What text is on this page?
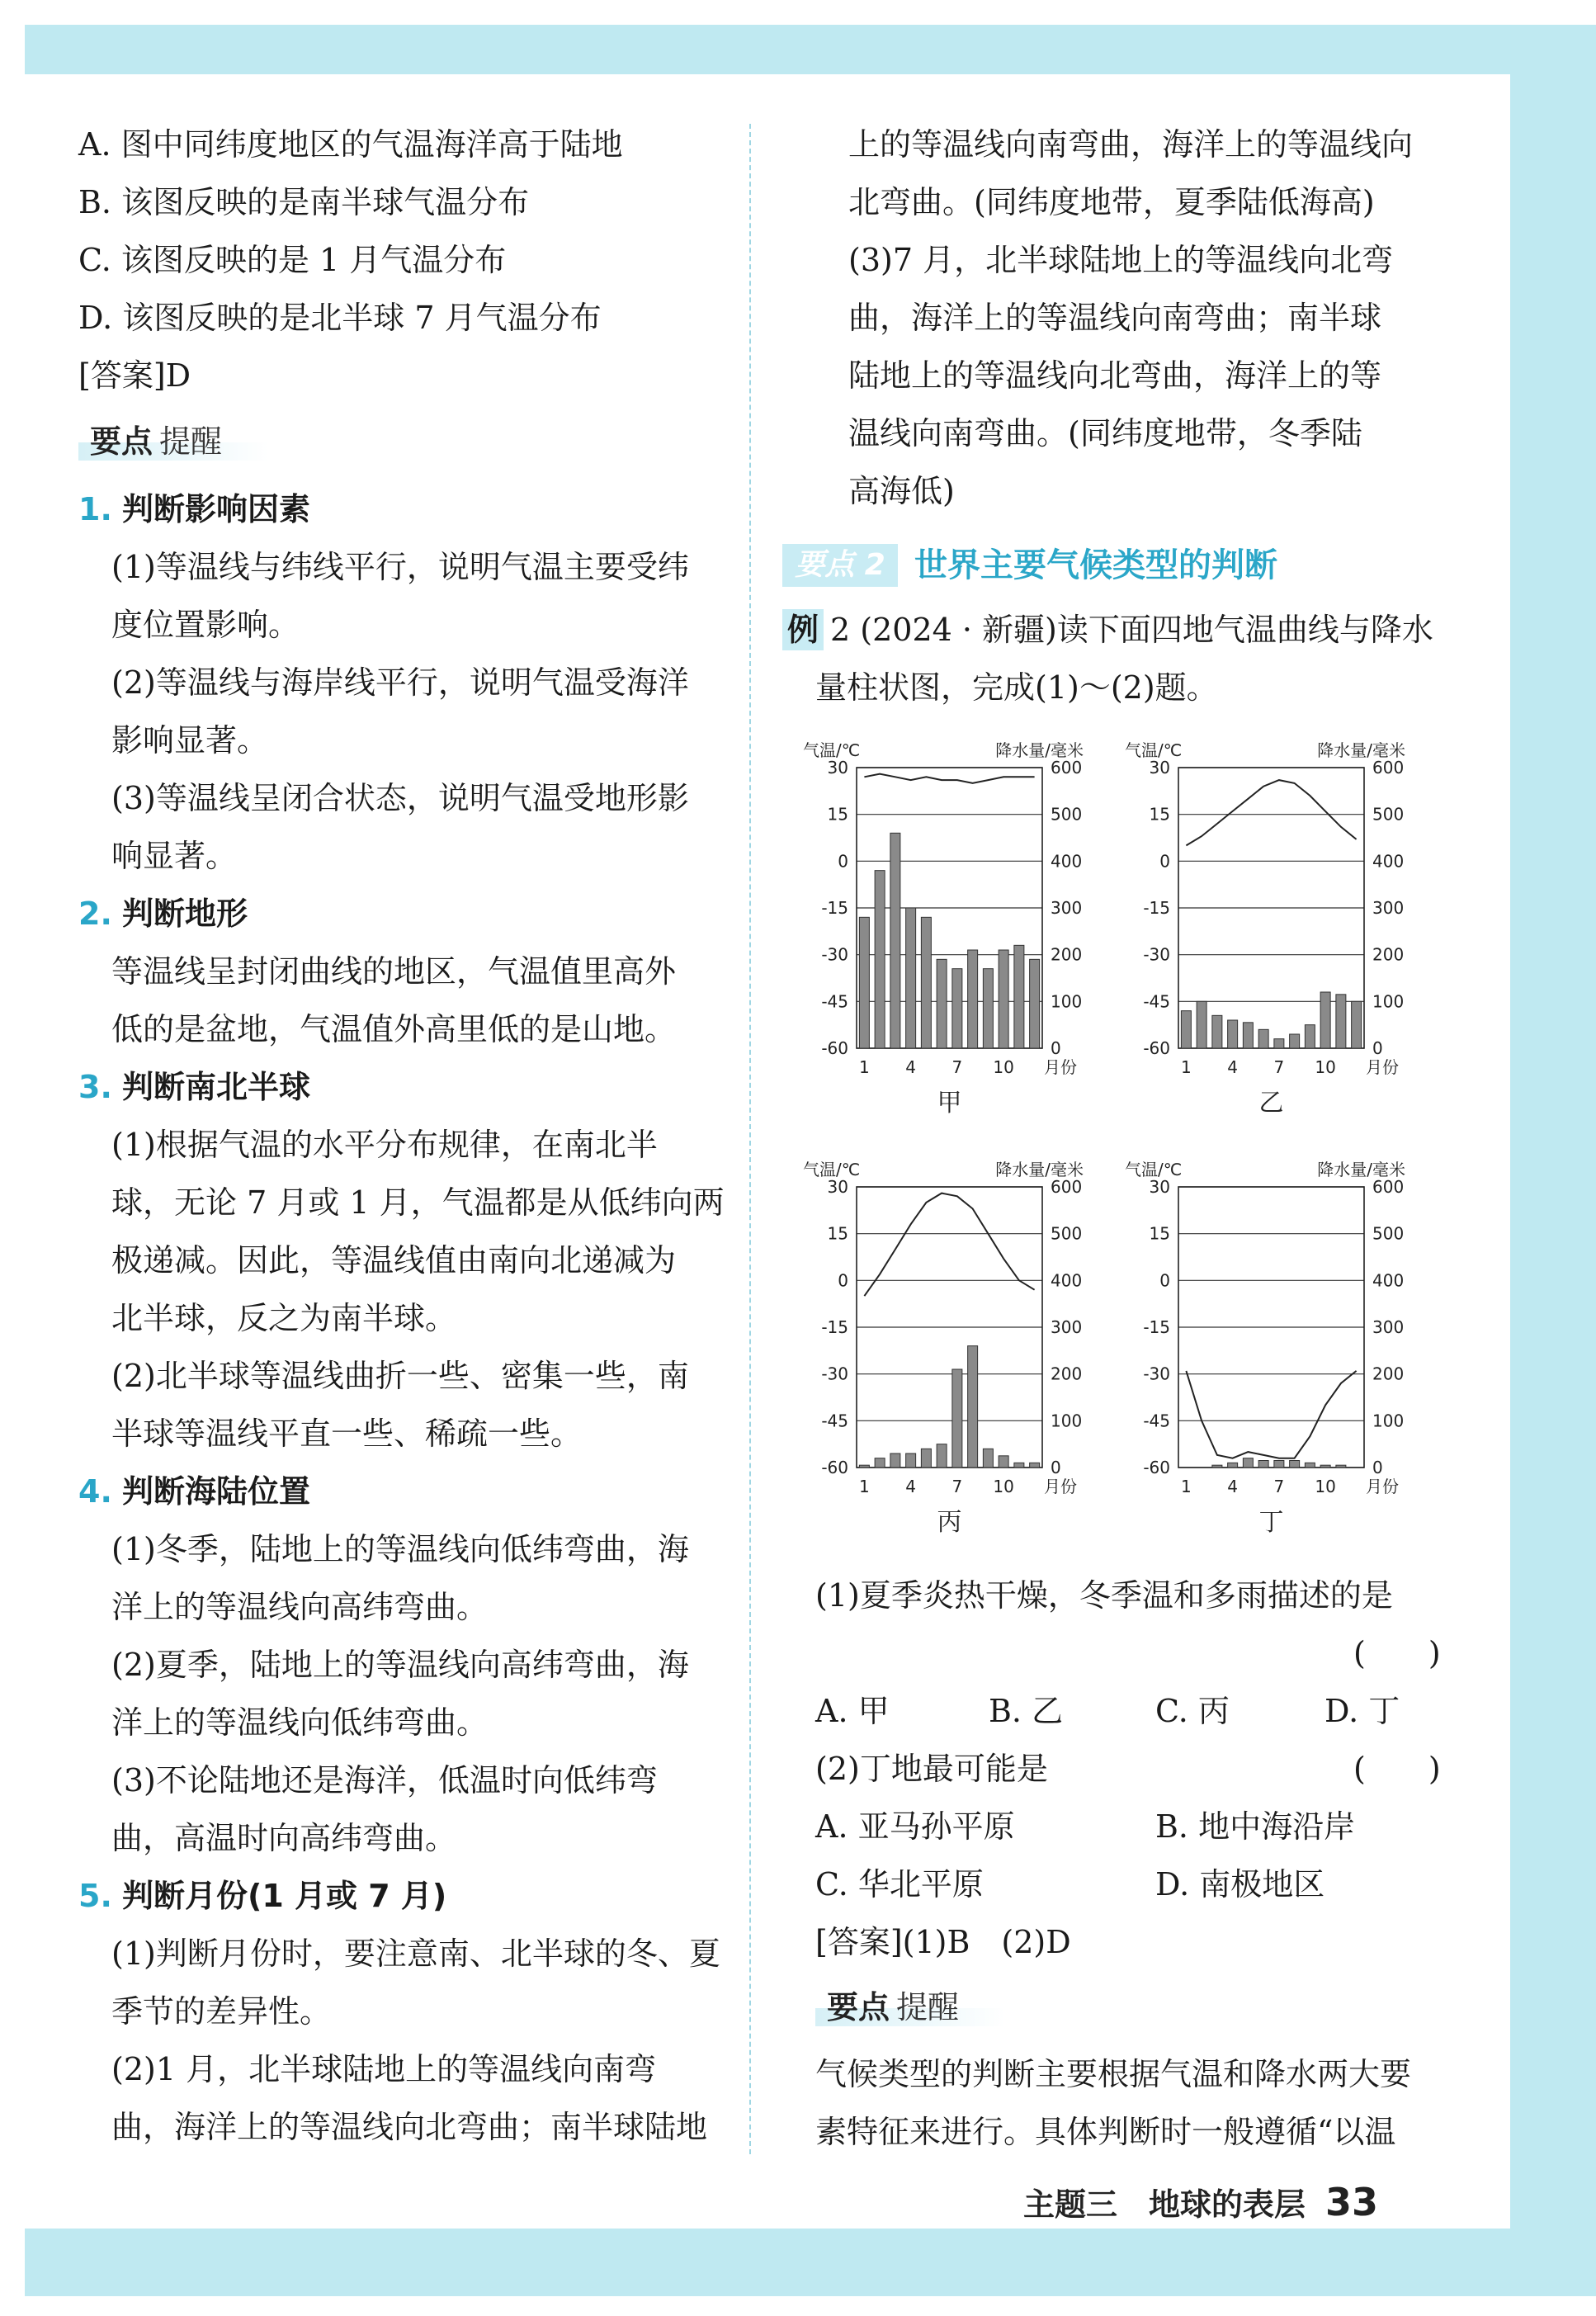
A. 图中同纬度地区的气温海洋高于陆地
B. 该图反映的是南半球气温分布
C. 该图反映的是 1 月气温分布
D. 该图反映的是北半球 7 月气温分布
[答案]D
要点 提醒
1. 判断影响因素
(1)等温线与纬线平行，说明气温主要受纬
度位置影响。
(2)等温线与海岸线平行，说明气温受海洋
影响显著。
(3)等温线呈闭合状态，说明气温受地形影
响显著。
2. 判断地形
等温线呈封闭曲线的地区，气温值里高外
低的是盆地，气温值外高里低的是山地。
3. 判断南北半球
(1)根据气温的水平分布规律，在南北半
球，无论 7 月或 1 月，气温都是从低纬向两
极递减。因此，等温线值由南向北递减为
北半球，反之为南半球。
(2)北半球等温线曲折一些、密集一些，南
半球等温线平直一些、稀疏一些。
4. 判断海陆位置
(1)冬季，陆地上的等温线向低纬弯曲，海
洋上的等温线向高纬弯曲。
(2)夏季，陆地上的等温线向高纬弯曲，海
洋上的等温线向低纬弯曲。
(3)不论陆地还是海洋，低温时向低纬弯
曲，高温时向高纬弯曲。
5. 判断月份(1 月或 7 月)
(1)判断月份时，要注意南、北半球的冬、夏
季节的差异性。
(2)1 月，北半球陆地上的等温线向南弯
曲，海洋上的等温线向北弯曲；南半球陆地
上的等温线向南弯曲，海洋上的等温线向
北弯曲。(同纬度地带，夏季陆低海高)
(3)7 月，北半球陆地上的等温线向北弯
曲，海洋上的等温线向南弯曲；南半球
陆地上的等温线向北弯曲，海洋上的等
温线向南弯曲。(同纬度地带，冬季陆
高海低)
要点 2 世界主要气候类型的判断
例 2 (2024 · 新疆)读下面四地气温曲线与降水
量柱状图，完成(1)～(2)题。
气温/℃	降水量/毫米
30	600
15	500
0	400
-15	300
-30	200
-45	100
-60	0
1 4 7 10 月份
甲
气温/℃	降水量/毫米
30	600
15	500
0	400
-15	300
-30	200
-45	100
-60	0
1 4 7 10 月份
乙
气温/℃	降水量/毫米
30	600
15	500
0	400
-15	300
-30	200
-45	100
-60	0
1 4 7 10 月份
丙
气温/℃	降水量/毫米
30	600
15	500
0	400
-15	300
-30	200
-45	100
-60	0
1 4 7 10 月份
丁
(1)夏季炎热干燥，冬季温和多雨描述的是
(　　)
A. 甲	B. 乙	C. 丙	D. 丁
(2)丁地最可能是	(　　)
A. 亚马孙平原	B. 地中海沿岸
C. 华北平原	D. 南极地区
[答案](1)B　(2)D
要点 提醒
气候类型的判断主要根据气温和降水两大要
素特征来进行。具体判断时一般遵循“以温
主题三　地球的表层 33
